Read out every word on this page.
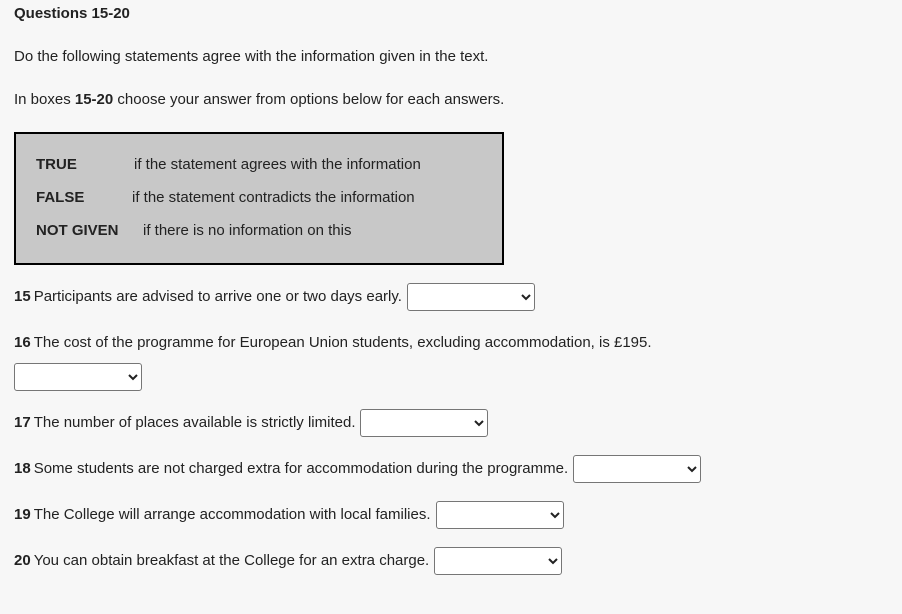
Questions 15-20
Do the following statements agree with the information given in the text.
In boxes 15-20 choose your answer from options below for each answers.
TRUE	if the statement agrees with the information
FALSE	if the statement contradicts the information
NOT GIVEN	if there is no information on this
15 Participants are advised to arrive one or two days early.
16 The cost of the programme for European Union students, excluding accommodation, is £195.
17 The number of places available is strictly limited.
18 Some students are not charged extra for accommodation during the programme.
19 The College will arrange accommodation with local families.
20 You can obtain breakfast at the College for an extra charge.
